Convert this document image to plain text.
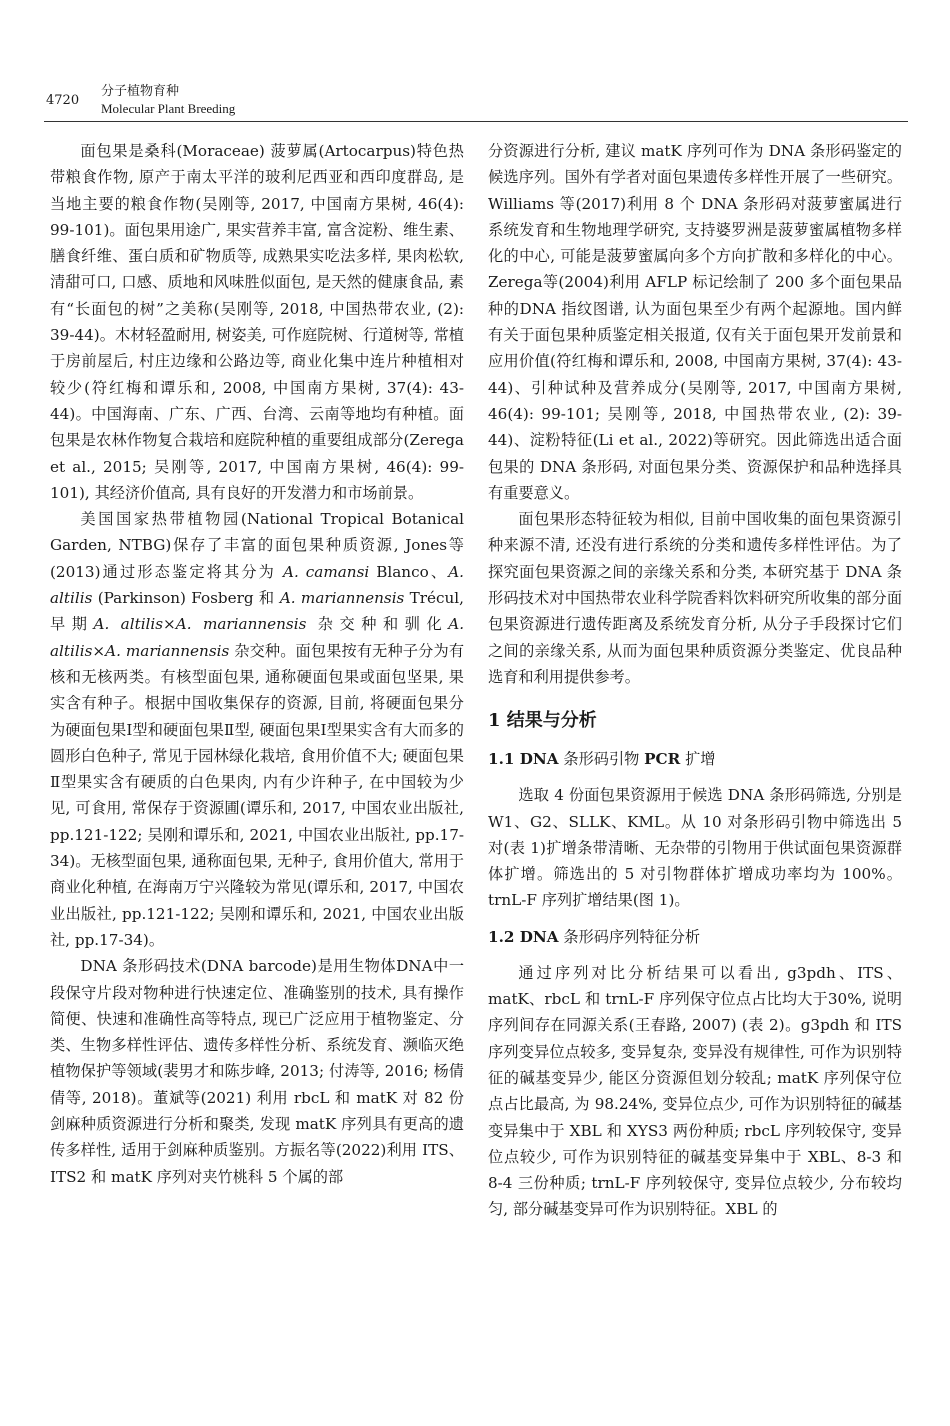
4720
分子植物育种
Molecular Plant Breeding

面包果是桑科(Moraceae) 菠萝属(Artocarpus)特色热带粮食作物, 原产于南太平洋的玻利尼西亚和西印度群岛, 是当地主要的粮食作物(吴刚等, 2017, 中国南方果树, 46(4): 99-101)。面包果用途广, 果实营养丰富, 富含淀粉、维生素、膳食纤维、蛋白质和矿物质等, 成熟果实吃法多样, 果肉松软, 清甜可口, 口感、质地和风味胜似面包, 是天然的健康食品, 素有“长面包的树”之美称(吴刚等, 2018, 中国热带农业, (2): 39-44)。木材轻盈耐用, 树姿美, 可作庭院树、行道树等, 常植于房前屋后, 村庄边缘和公路边等, 商业化集中连片种植相对较少(符红梅和谭乐和, 2008, 中国南方果树, 37(4): 43-44)。中国海南、广东、广西、台湾、云南等地均有种植。面包果是农林作物复合栽培和庭院种植的重要组成部分(Zerega et al., 2015; 吴刚等, 2017, 中国南方果树, 46(4): 99-101), 其经济价值高, 具有良好的开发潜力和市场前景。

美国国家热带植物园(National Tropical Botanical Garden, NTBG)保存了丰富的面包果种质资源, Jones等(2013)通过形态鉴定将其分为 A. camansi Blanco、A. altilis (Parkinson) Fosberg 和 A. mariannensis Trécul, 早期A. altilis×A. mariannensis 杂交种和驯化A. altilis×A. mariannensis 杂交种。面包果按有无种子分为有核和无核两类。有核型面包果, 通称硬面包果或面包坚果, 果实含有种子。根据中国收集保存的资源, 目前, 将硬面包果分为硬面包果Ⅰ型和硬面包果Ⅱ型, 硬面包果Ⅰ型果实含有大而多的圆形白色种子, 常见于园林绿化栽培, 食用价值不大; 硬面包果Ⅱ型果实含有硬质的白色果肉, 内有少许种子, 在中国较为少见, 可食用, 常保存于资源圃(谭乐和, 2017, 中国农业出版社, pp.121-122; 吴刚和谭乐和, 2021, 中国农业出版社, pp.17-34)。无核型面包果, 通称面包果, 无种子, 食用价值大, 常用于商业化种植, 在海南万宁兴隆较为常见(谭乐和, 2017, 中国农业出版社, pp.121-122; 吴刚和谭乐和, 2021, 中国农业出版社, pp.17-34)。

DNA 条形码技术(DNA barcode)是用生物体DNA中一段保守片段对物种进行快速定位、准确鉴别的技术, 具有操作简便、快速和准确性高等特点, 现已广泛应用于植物鉴定、分类、生物多样性评估、遗传多样性分析、系统发育、濒临灭绝植物保护等领域(裴男才和陈步峰, 2013; 付涛等, 2016; 杨倩倩等, 2018)。董斌等(2021) 利用 rbcL 和 matK 对 82 份剑麻种质资源进行分析和聚类, 发现 matK 序列具有更高的遗传多样性, 适用于剑麻种质鉴别。方振名等(2022)利用 ITS、ITS2 和 matK 序列对夹竹桃科 5 个属的部

分资源进行分析, 建议 matK 序列可作为 DNA 条形码鉴定的候选序列。国外有学者对面包果遗传多样性开展了一些研究。Williams 等(2017)利用 8 个 DNA 条形码对菠萝蜜属进行系统发育和生物地理学研究, 支持婆罗洲是菠萝蜜属植物多样化的中心, 可能是菠萝蜜属向多个方向扩散和多样化的中心。Zerega等(2004)利用 AFLP 标记绘制了 200 多个面包果品种的DNA 指纹图谱, 认为面包果至少有两个起源地。国内鲜有关于面包果种质鉴定相关报道, 仅有关于面包果开发前景和应用价值(符红梅和谭乐和, 2008, 中国南方果树, 37(4): 43-44)、引种试种及营养成分(吴刚等, 2017, 中国南方果树, 46(4): 99-101; 吴刚等, 2018, 中国热带农业, (2): 39-44)、淀粉特征(Li et al., 2022)等研究。因此筛选出适合面包果的 DNA 条形码, 对面包果分类、资源保护和品种选择具有重要意义。

面包果形态特征较为相似, 目前中国收集的面包果资源引种来源不清, 还没有进行系统的分类和遗传多样性评估。为了探究面包果资源之间的亲缘关系和分类, 本研究基于 DNA 条形码技术对中国热带农业科学院香料饮料研究所收集的部分面包果资源进行遗传距离及系统发育分析, 从分子手段探讨它们之间的亲缘关系, 从而为面包果种质资源分类鉴定、优良品种选育和利用提供参考。

1 结果与分析
1.1 DNA 条形码引物 PCR 扩增

选取 4 份面包果资源用于候选 DNA 条形码筛选, 分别是 W1、G2、SLLK、KML。从 10 对条形码引物中筛选出 5 对(表 1)扩增条带清晰、无杂带的引物用于供试面包果资源群体扩增。筛选出的 5 对引物群体扩增成功率均为 100%。trnL-F 序列扩增结果(图 1)。

1.2 DNA 条形码序列特征分析

通过序列对比分析结果可以看出, g3pdh、ITS、matK、rbcL 和 trnL-F 序列保守位点占比均大于30%, 说明序列间存在同源关系(王春路, 2007) (表 2)。g3pdh 和 ITS 序列变异位点较多, 变异复杂, 变异没有规律性, 可作为识别特征的碱基变异少, 能区分资源但划分较乱; matK 序列保守位点占比最高, 为 98.24%, 变异位点少, 可作为识别特征的碱基变异集中于 XBL 和 XYS3 两份种质; rbcL 序列较保守, 变异位点较少, 可作为识别特征的碱基变异集中于 XBL、8-3 和 8-4 三份种质; trnL-F 序列较保守, 变异位点较少, 分布较均匀, 部分碱基变异可作为识别特征。XBL 的
